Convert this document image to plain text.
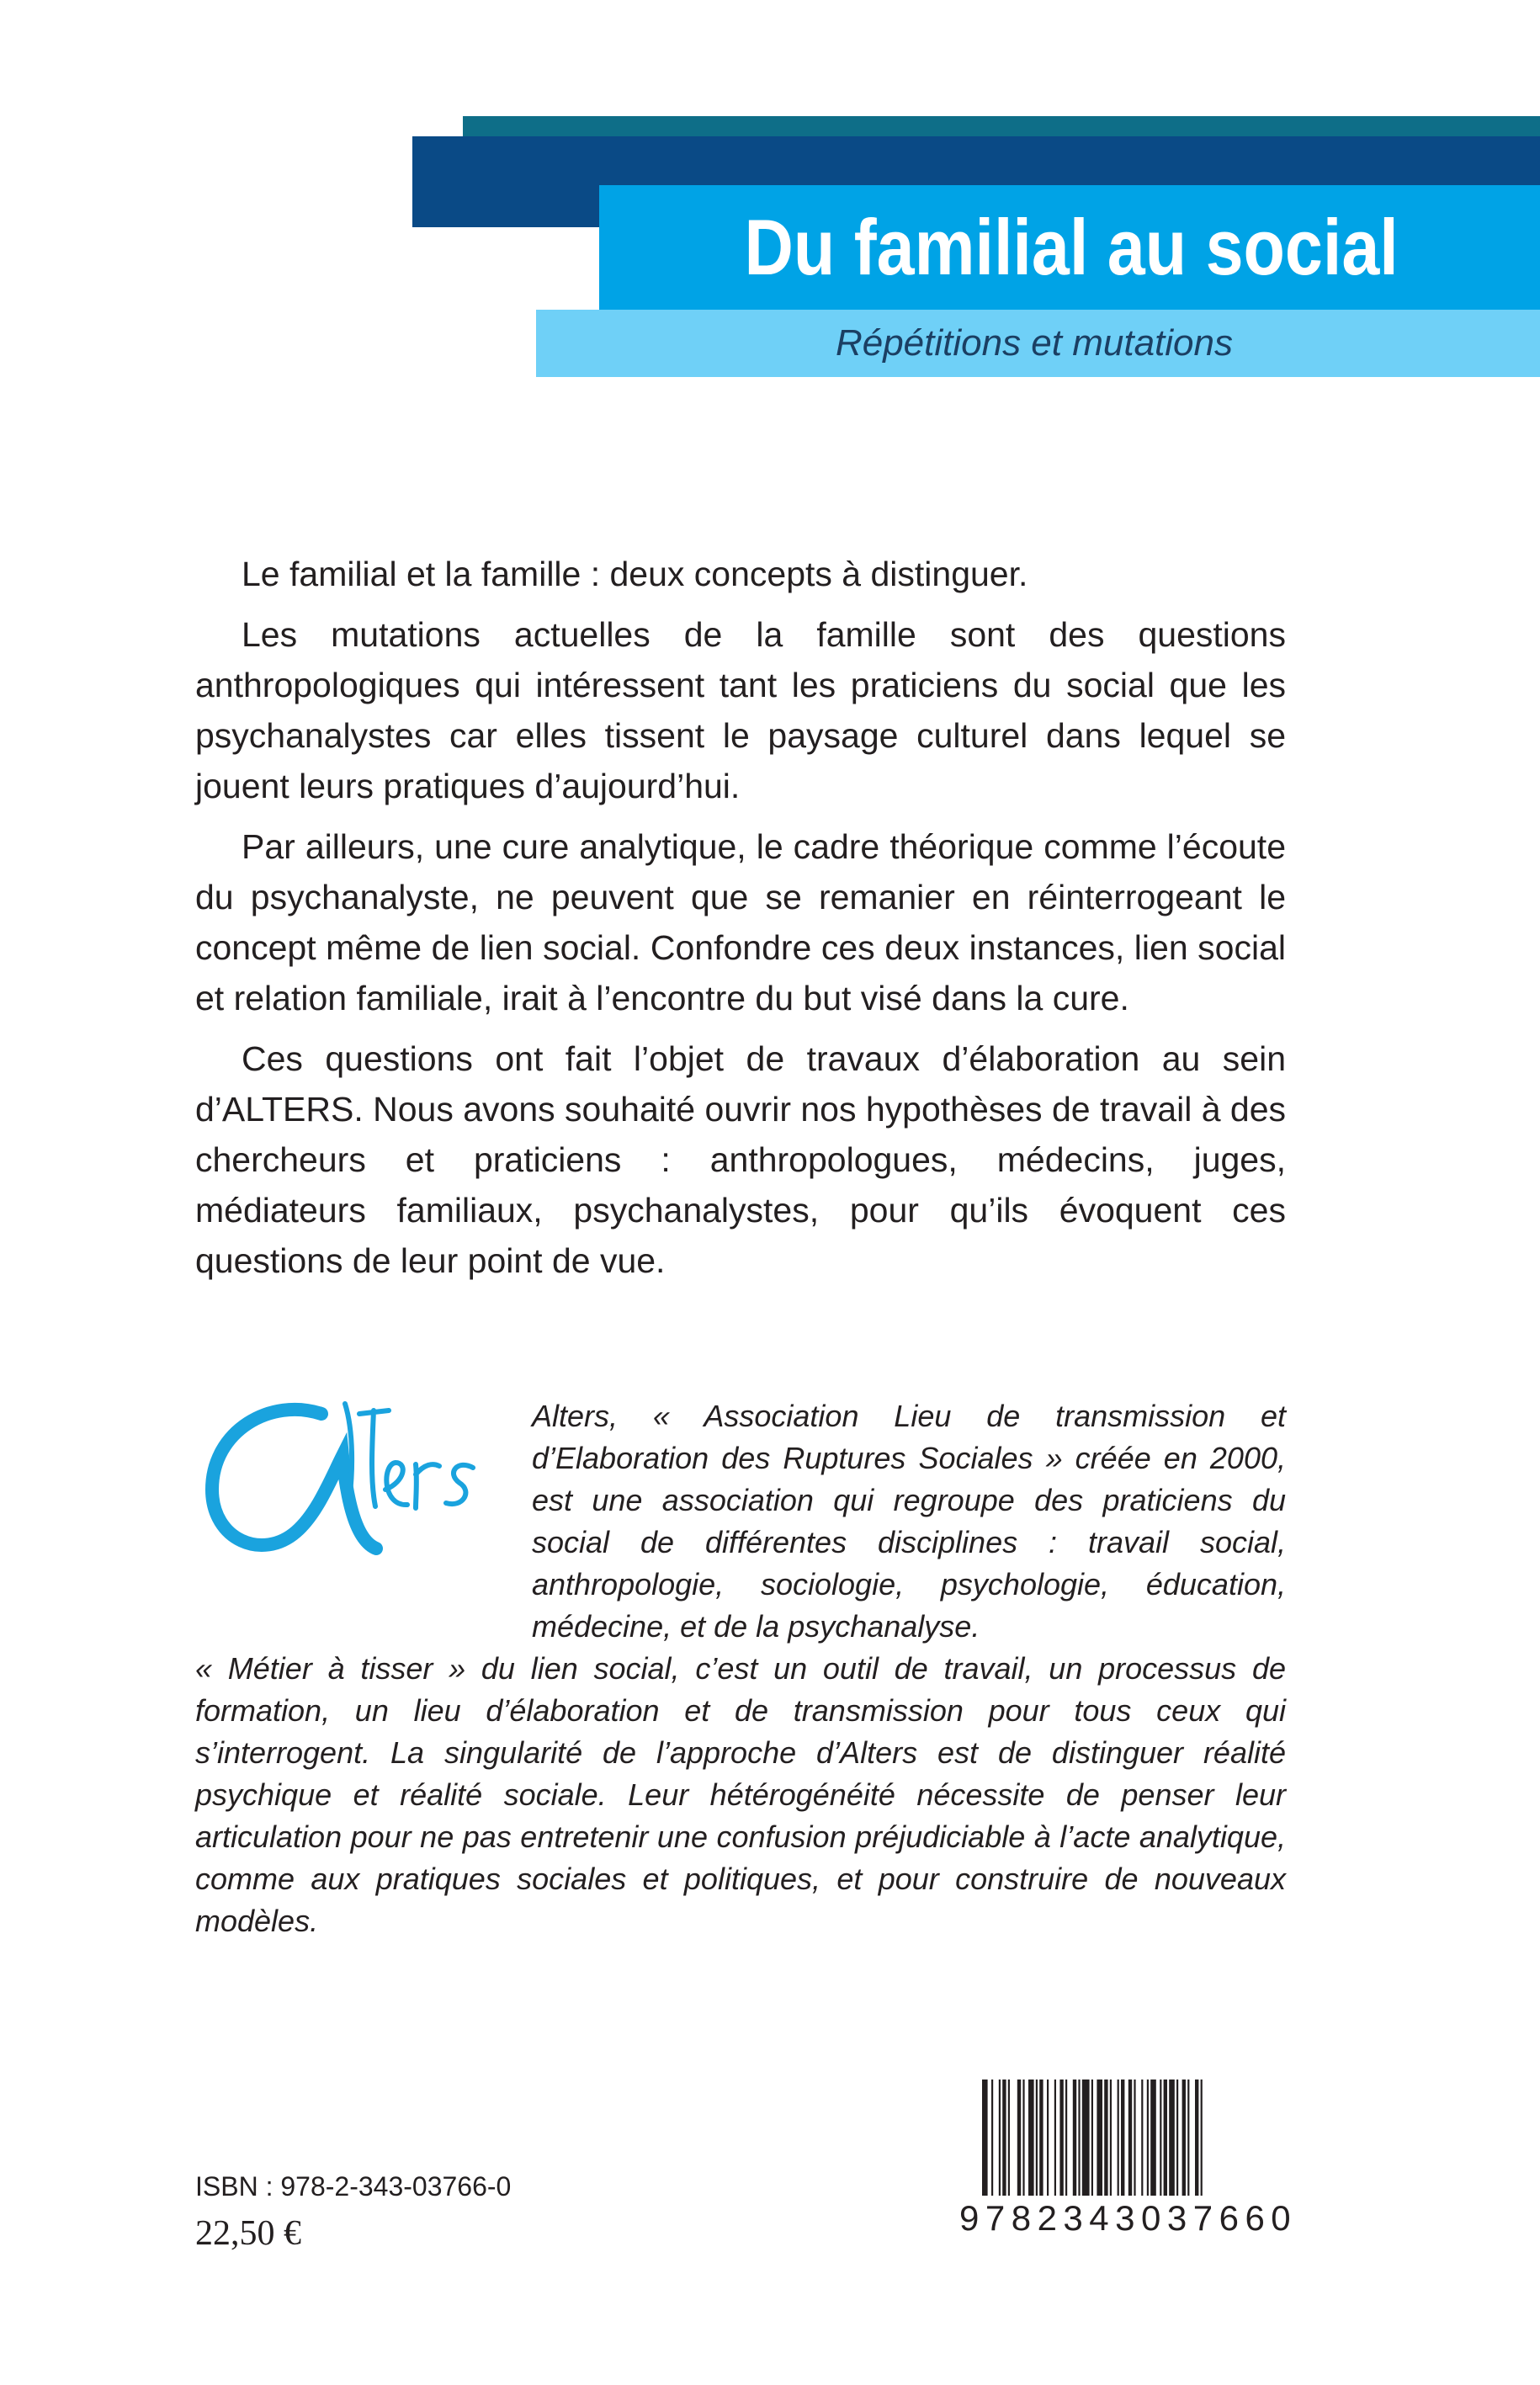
Du familial au social
Répétitions et mutations

Le familial et la famille : deux concepts à distinguer.

Les mutations actuelles de la famille sont des questions anthropologiques qui intéressent tant les praticiens du social que les psychanalystes car elles tissent le paysage culturel dans lequel se jouent leurs pratiques d’aujourd’hui.

Par ailleurs, une cure analytique, le cadre théorique comme l’écoute du psychanalyste, ne peuvent que se remanier en réinterrogeant le concept même de lien social. Confondre ces deux instances, lien social et relation familiale, irait à l’encontre du but visé dans la cure.

Ces questions ont fait l’objet de travaux d’élaboration au sein d’ALTERS. Nous avons souhaité ouvrir nos hypothèses de travail à des chercheurs et praticiens : anthropologues, médecins, juges, médiateurs familiaux, psychanalystes, pour qu’ils évoquent ces questions de leur point de vue.

Alters, « Association Lieu de transmission et d’Elaboration des Ruptures Sociales » créée en 2000, est une association qui regroupe des praticiens du social de différentes disciplines : travail social, anthropologie, sociologie, psychologie, éducation, médecine, et de la psychanalyse.
« Métier à tisser » du lien social, c’est un outil de travail, un processus de formation, un lieu d’élaboration et de transmission pour tous ceux qui s’interrogent. La singularité de l’approche d’Alters est de distinguer réalité psychique et réalité sociale. Leur hétérogénéité nécessite de penser leur articulation pour ne pas entretenir une confusion préjudiciable à l’acte analytique, comme aux pratiques sociales et politiques, et pour construire de nouveaux modèles.
9782343037660
ISBN : 978-2-343-03766-0
22,50 €
